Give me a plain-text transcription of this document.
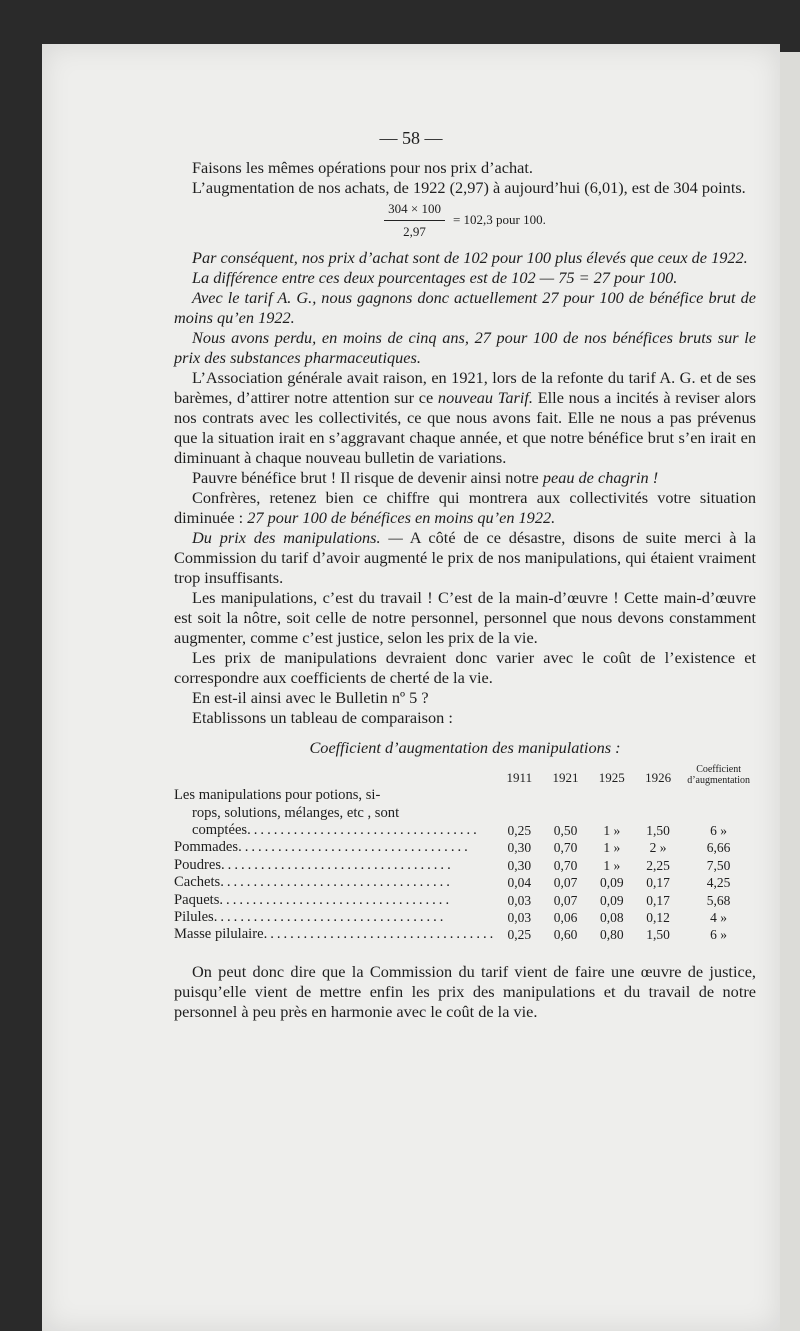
— 58 —

Faisons les mêmes opérations pour nos prix d’achat.

L’augmentation de nos achats, de 1922 (2,97) à aujourd’hui (6,01), est de 304 points.

$\frac{304 \times 100}{2,97} = 102,3$ pour 100.

Par conséquent, nos prix d’achat sont de 102 pour 100 plus élevés que ceux de 1922.

La différence entre ces deux pourcentages est de 102 — 75 = 27 pour 100.

Avec le tarif A. G., nous gagnons donc actuellement 27 pour 100 de bénéfice brut de moins qu’en 1922.

Nous avons perdu, en moins de cinq ans, 27 pour 100 de nos bénéfices bruts sur le prix des substances pharmaceutiques.

L’Association générale avait raison, en 1921, lors de la refonte du tarif A. G. et de ses barèmes, d’attirer notre attention sur ce nouveau Tarif. Elle nous a incités à reviser alors nos contrats avec les collectivités, ce que nous avons fait. Elle ne nous a pas prévenus que la situation irait en s’aggravant chaque année, et que notre bénéfice brut s’en irait en diminuant à chaque nouveau bulletin de variations.

Pauvre bénéfice brut ! Il risque de devenir ainsi notre peau de chagrin !

Confrères, retenez bien ce chiffre qui montrera aux collectivités votre situation diminuée : 27 pour 100 de bénéfices en moins qu’en 1922.

Du prix des manipulations. — A côté de ce désastre, disons de suite merci à la Commission du tarif d’avoir augmenté le prix de nos manipulations, qui étaient vraiment trop insuffisants.

Les manipulations, c’est du travail ! C’est de la main-d’œuvre ! Cette main-d’œuvre est soit la nôtre, soit celle de notre personnel, personnel que nous devons constamment augmenter, comme c’est justice, selon les prix de la vie.

Les prix de manipulations devraient donc varier avec le coût de l’existence et correspondre aux coefficients de cherté de la vie.

En est-il ainsi avec le Bulletin nº 5 ?

Etablissons un tableau de comparaison :

Coefficient d’augmentation des manipulations :
	1911	1921	1925	1926	Coefficient
d’augmentation

Les manipulations pour potions, si-
rops, solutions, mélanges, etc , sont					

comptées ...................................	0,25	0,50	1 »	1,50	6 »

Pommades ...................................	0,30	0,70	1 »	2 »	6,66

Poudres ...................................	0,30	0,70	1 »	2,25	7,50

Cachets ...................................	0,04	0,07	0,09	0,17	4,25

Paquets ...................................	0,03	0,07	0,09	0,17	5,68

Pilules ...................................	0,03	0,06	0,08	0,12	4 »

Masse pilulaire ...................................	0,25	0,60	0,80	1,50	6 »

On peut donc dire que la Commission du tarif vient de faire une œuvre de justice, puisqu’elle vient de mettre enfin les prix des manipulations et du travail de notre personnel à peu près en harmonie avec le coût de la vie.
